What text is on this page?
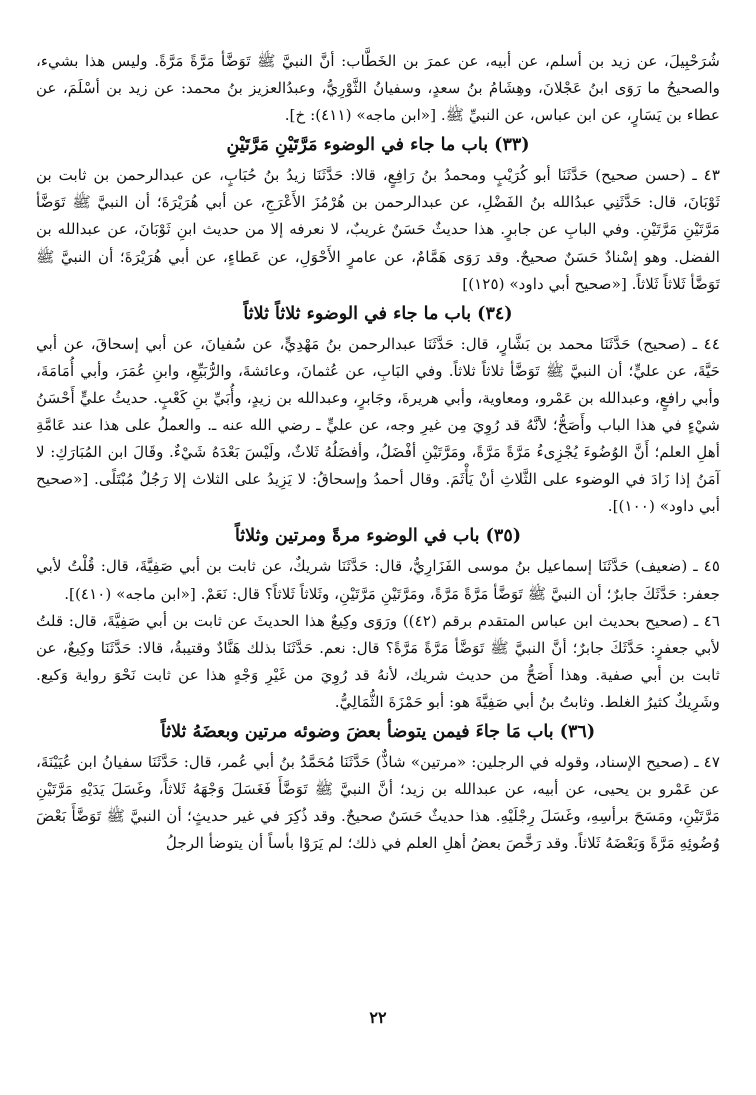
شُرَحْبِيلَ، عن زيد بن أسلم، عن أبيه، عن عمرَ بن الخَطَّاب: أنَّ النبيَّ ﷺ تَوَضَّأ مَرَّةً مَرَّةً. وليس هذا بشيء، والصحيحُ ما رَوَى ابنُ عَجْلانَ، وهِشَامُ بنُ سعدٍ، وسفيانُ الثَّوْرِيُّ، وعبدُالعزيز بنُ محمد: عن زيد بن أسْلَمَ، عن عطاء بن يَسَارٍ، عن ابن عباس، عن النبيِّ ﷺ. [«ابن ماجه» (٤١١): خ].

(٣٣) باب ما جاء في الوضوء مَرَّتَيْنِ مَرَّتَيْنِ

٤٣ ـ (حسن صحيح) حَدَّثَنَا أبو كُرَيْبٍ ومحمدُ بنُ رَافِعٍ، قالا: حَدَّثَنَا زيدُ بنُ حُبَابٍ، عن عبدالرحمن بن ثابت بن ثَوْبَانَ، قال: حَدَّثَنِي عبدُالله بنُ الفَضْلِ، عن عبدالرحمن بن هُرْمُزَ الأَعْرَجِ، عن أبي هُرَيْرَةَ؛ أن النبيَّ ﷺ تَوَضَّأ مَرَّتَيْنِ مَرَّتَيْنِ. وفي البابِ عن جابرٍ. هذا حديثٌ حَسَنٌ غريبٌ، لا نعرفه إلا من حديث ابنِ ثَوْبَانَ، عن عبدالله بن الفضل. وهو إسْنادٌ حَسَنٌ صحيحٌ. وقد رَوَى هَمَّامٌ، عن عامرٍ الأَحْوَلِ، عن عَطاءٍ، عن أبي هُرَيْرَةَ؛ أن النبيَّ ﷺ تَوَضَّأ ثَلاثاً ثَلاثاً. [«صحيح أبي داود» (١٢٥)]

(٣٤) باب ما جاء في الوضوء ثلاثاً ثلاثاً

٤٤ ـ (صحيح) حَدَّثَنَا محمد بن بَشَّارٍ، قال: حَدَّثَنَا عبدالرحمن بنُ مَهْدِيٍّ، عن سُفيانَ، عن أبي إسحاقَ، عن أبي حَيَّةَ، عن عليٍّ؛ أن النبيَّ ﷺ تَوَضَّأ ثلاثاً ثلاثاً. وفي البَابِ، عن عُثمانَ، وعائشةَ، والرُّبَيِّعِ، وابنِ عُمَرَ، وأبي أُمَامَةَ، وأبي رافعٍ، وعبدالله بن عَمْرو، ومعاوية، وأبي هريرةَ، وجَابرٍ، وعبدالله بن زيدٍ، وأُبَيِّ بنِ كَعْبٍ. حديثُ عليٍّ أَحْسَنُ شيْءٍ في هذا الباب وأَصَحُّ؛ لأنَّهُ قد رُوِيَ مِن غيرِ وجه، عن عليٍّ ـ رضي الله عنه ـ. والعملُ على هذا عند عَامَّةِ أهلِ العلم؛ أَنَّ الوُضُوءَ يُجْزِىءُ مَرَّةً مَرَّةً، ومَرَّتَيْنِ أفْضَلُ، وأفضَلُهُ ثَلاثٌ، ولَيْسَ بَعْدَهُ شَيْءٌ. وقَالَ ابن المُبَارَكِ: لا آمَنُ إذا زَادَ في الوضوء على الثَّلاثِ أنْ يَأْثَمَ. وقال أحمدُ وإسحاقُ: لا يَزِيدُ على الثلاث إلا رَجُلٌ مُبْتَلًى. [«صحيح أبي داود» (١٠٠)].

(٣٥) باب في الوضوء مرةً ومرتين وثلاثاً

٤٥ ـ (ضعيف) حَدَّثَنَا إسماعيل بنُ موسى الفَزَارِيُّ، قال: حَدَّثَنَا شريكٌ، عن ثابت بن أبي صَفِيَّةَ، قال: قُلْتُ لأبي جعفر: حَدَّثَكَ جابرٌ؛ أن النبيَّ ﷺ تَوَضَّأ مَرَّةً مَرَّةً، ومَرَّتَيْنِ مَرَّتَيْنِ، وثَلاثاً ثَلاثاً؟ قال: نَعَمْ. [«ابن ماجه» (٤١٠)].

٤٦ ـ (صحيح بحديث ابن عباس المتقدم برقم (٤٢)) ورَوَى وكِيعٌ هذا الحديثَ عن ثابت بن أبي صَفِيَّةَ، قال: قلتُ لأبي جعفرٍ: حَدَّثَكَ جابرٌ؛ أنَّ النبيَّ ﷺ تَوَضَّأ مَرَّةً مَرَّةً؟ قال: نعم. حَدَّثَنَا بذلك هَنَّادٌ وقتيبةُ، قالا: حَدَّثَنَا وكِيعٌ، عن ثابت بن أبي صفية. وهذا أَصَحُّ من حديث شريك، لأنهُ قد رُوِيَ من غَيْرِ وَجْهٍ هذا عن ثابت نَحْوَ رواية وَكيع. وشَرِيكٌ كثيرُ الغلط. وثابتُ بنُ أبي صَفِيَّةَ هو: أبو حَمْزَةَ الثُّمَالِيُّ.

(٣٦) باب مَا جاءَ فيمن يتوضأ بعضَ وضوئه مرتين وبعضَهُ ثلاثاً

٤٧ ـ (صحيح الإسناد، وقوله في الرجلين: «مرتين» شاذٌّ) حَدَّثَنَا مُحَمَّدُ بنُ أبي عُمر، قال: حَدَّثَنَا سفيانُ ابن عُيَيْنَةَ، عن عَمْرو بن يحيى، عن أبيه، عن عبدالله بن زيد؛ أنَّ النبيَّ ﷺ تَوَضَّأَ فَغَسَلَ وَجْهَهُ ثَلاثاً، وغَسَلَ يَدَيْهِ مَرَّتَيْنِ مَرَّتَيْنِ، ومَسَحَ برأسِهِ، وغَسَلَ رِجْلَيْهِ. هذا حديثٌ حَسَنٌ صحيحٌ. وقد ذُكِرَ في غير حديثٍ؛ أن النبيَّ ﷺ تَوَضَّأَ بَعْضَ وُضُوئِهِ مَرَّةً وَبَعْضَهُ ثَلاثاً. وقد رَخَّصَ بعضُ أهلِ العلم في ذلك؛ لم يَرَوْا بأساً أن يتوضأ الرجلُ

٢٢
